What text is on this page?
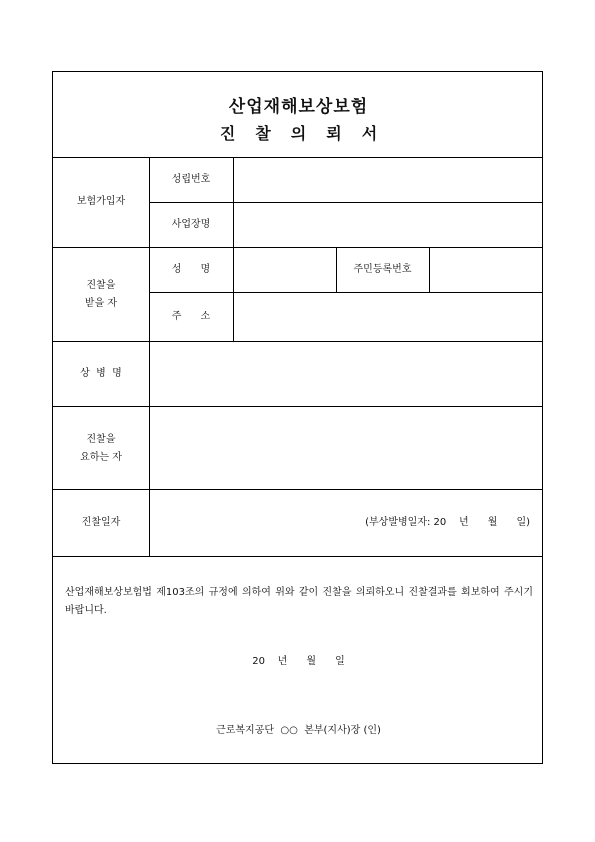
산업재해보상보험
진 찰 의 뢰 서
보험가입자
성립번호
사업장명
진찰을
받을 자
성      명	주민등록번호
주      소
상  병  명
진찰을
요하는 자
진찰일자	(부상발병일자: 20    년      월      일)
산업재해보상보험법 제103조의 규정에 의하여 위와 같이 진찰을 의뢰하오니 진찰결과를 회보하여 주시기 바랍니다.
20    년      월      일
근로복지공단  ○○  본부(지사)장 (인)
